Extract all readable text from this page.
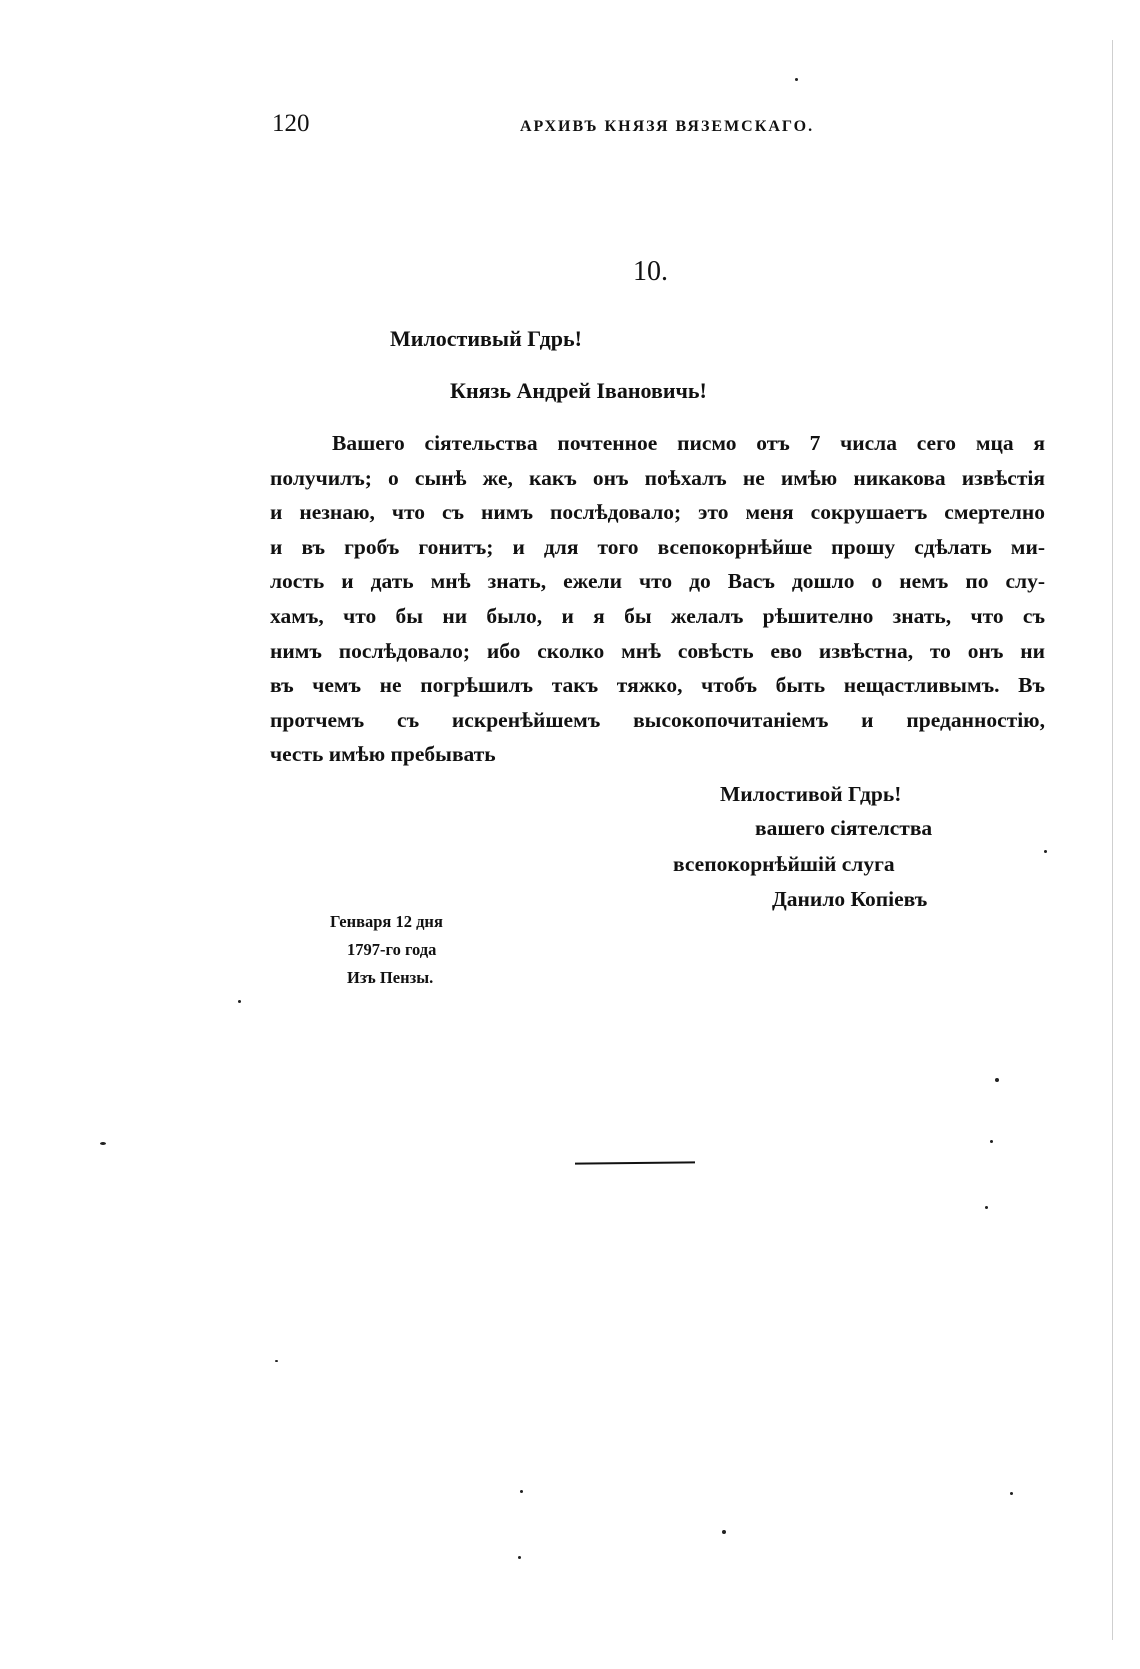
120	АРХИВЪ КНЯЗЯ ВЯЗЕМСКАГО.
10.
Милостивый Гдрь!
Князь Андрей Івановичь!
Вашего сіятельства почтенное писмо отъ 7 числа сего мца я
получилъ; о сынѣ же, какъ онъ поѣхалъ не имѣю никакова извѣстія
и незнаю, что съ нимъ послѣдовало; это меня сокрушаетъ смертелно
и въ гробъ гонитъ; и для того всепокорнѣйше прошу сдѣлать ми-
лость и дать мнѣ знать, ежели что до Васъ дошло о немъ по слу-
хамъ, что бы ни было, и я бы желалъ рѣшително знать, что съ
нимъ послѣдовало; ибо сколко мнѣ совѣсть ево извѣстна, то онъ ни
въ чемъ не погрѣшилъ такъ тяжко, чтобъ быть нещастливымъ. Въ
протчемъ съ искренѣйшемъ высокопочитаніемъ и преданностію,
честь имѣю пребывать
Милостивой Гдрь!
вашего сіятелства
всепокорнѣйшій слуга
Данило Копіевъ
Генваря 12 дня
1797-го года
Изъ Пензы.
